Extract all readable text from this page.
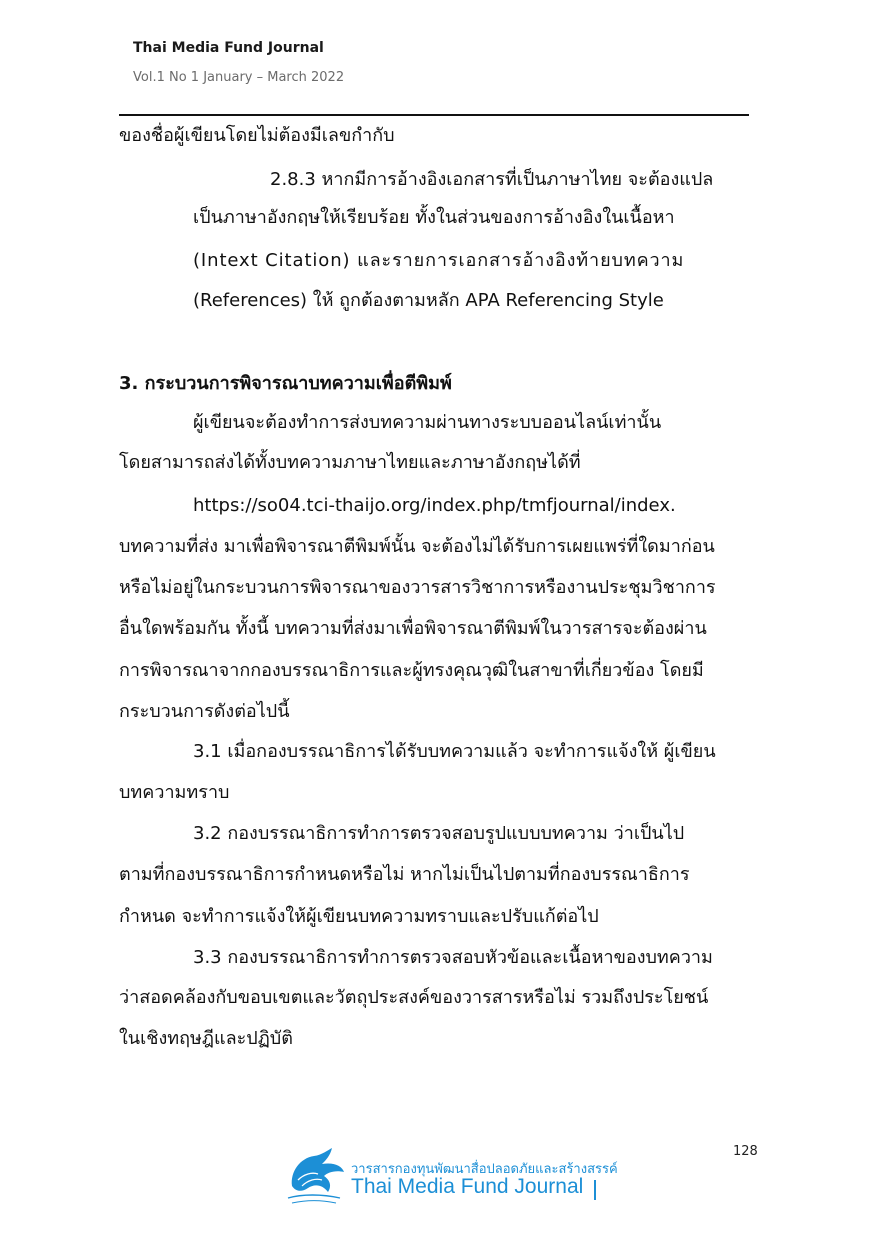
Thai Media Fund Journal
Vol.1 No 1 January – March 2022
ของชื่อผู้เขียนโดยไม่ต้องมีเลขกำกับ
2.8.3 หากมีการอ้างอิงเอกสารที่เป็นภาษาไทย จะต้องแปล
เป็นภาษาอังกฤษให้เรียบร้อย ทั้งในส่วนของการอ้างอิงในเนื้อหา
(Intext Citation) และรายการเอกสารอ้างอิงท้ายบทความ
(References) ให้ ถูกต้องตามหลัก APA Referencing Style
3. กระบวนการพิจารณาบทความเพื่อตีพิมพ์
ผู้เขียนจะต้องทำการส่งบทความผ่านทางระบบออนไลน์เท่านั้น
โดยสามารถส่งได้ทั้งบทความภาษาไทยและภาษาอังกฤษได้ที่
https://so04.tci-thaijo.org/index.php/tmfjournal/index.
บทความที่ส่ง มาเพื่อพิจารณาตีพิมพ์นั้น จะต้องไม่ได้รับการเผยแพร่ที่ใดมาก่อน
หรือไม่อยู่ในกระบวนการพิจารณาของวารสารวิชาการหรืองานประชุมวิชาการ
อื่นใดพร้อมกัน ทั้งนี้ บทความที่ส่งมาเพื่อพิจารณาตีพิมพ์ในวารสารจะต้องผ่าน
การพิจารณาจากกองบรรณาธิการและผู้ทรงคุณวุฒิในสาขาที่เกี่ยวข้อง โดยมี
กระบวนการดังต่อไปนี้
3.1 เมื่อกองบรรณาธิการได้รับบทความแล้ว จะทำการแจ้งให้ ผู้เขียน
บทความทราบ
3.2 กองบรรณาธิการทำการตรวจสอบรูปแบบบทความ ว่าเป็นไป
ตามที่กองบรรณาธิการกำหนดหรือไม่ หากไม่เป็นไปตามที่กองบรรณาธิการ
กำหนด จะทำการแจ้งให้ผู้เขียนบทความทราบและปรับแก้ต่อไป
3.3 กองบรรณาธิการทำการตรวจสอบหัวข้อและเนื้อหาของบทความ
ว่าสอดคล้องกับขอบเขตและวัตถุประสงค์ของวารสารหรือไม่ รวมถึงประโยชน์
ในเชิงทฤษฎีและปฏิบัติ
128
วารสารกองทุนพัฒนาสื่อปลอดภัยและสร้างสรรค์
Thai Media Fund Journal
